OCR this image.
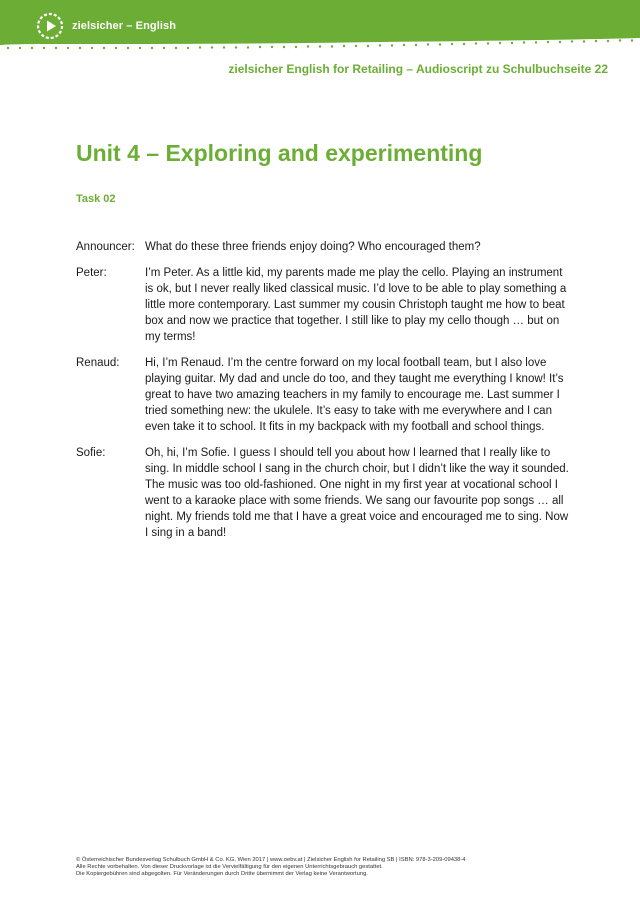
zielsicher – English
zielsicher English for Retailing – Audioscript zu Schulbuchseite 22
Unit 4 – Exploring and experimenting
Task 02
Announcer: What do these three friends enjoy doing? Who encouraged them?
Peter:	I’m Peter. As a little kid, my parents made me play the cello. Playing an instrument is ok, but I never really liked classical music. I’d love to be able to play something a little more contemporary. Last summer my cousin Christoph taught me how to beat box and now we practice that together. I still like to play my cello though … but on my terms!
Renaud:	Hi, I’m Renaud. I’m the centre forward on my local football team, but I also love playing guitar. My dad and uncle do too, and they taught me everything I know! It’s great to have two amazing teachers in my family to encourage me. Last summer I tried something new: the ukulele. It’s easy to take with me everywhere and I can even take it to school. It fits in my backpack with my football and school things.
Sofie:	Oh, hi, I’m Sofie. I guess I should tell you about how I learned that I really like to sing. In middle school I sang in the church choir, but I didn’t like the way it sounded. The music was too old-fashioned. One night in my first year at vocational school I went to a karaoke place with some friends. We sang our favourite pop songs … all night. My friends told me that I have a great voice and encouraged me to sing. Now I sing in a band!
© Österreichischer Bundesverlag Schulbuch GmbH & Co. KG, Wien 2017 | www.oebv.at | Zielsicher English for Retailing SB | ISBN: 978-3-209-09438-4
Alle Rechte vorbehalten. Von dieser Druckvorlage ist die Vervielfältigung für den eigenen Unterrichtsgebrauch gestattet.
Die Kopiergebühren sind abgegolten. Für Veränderungen durch Dritte übernimmt der Verlag keine Verantwortung.
